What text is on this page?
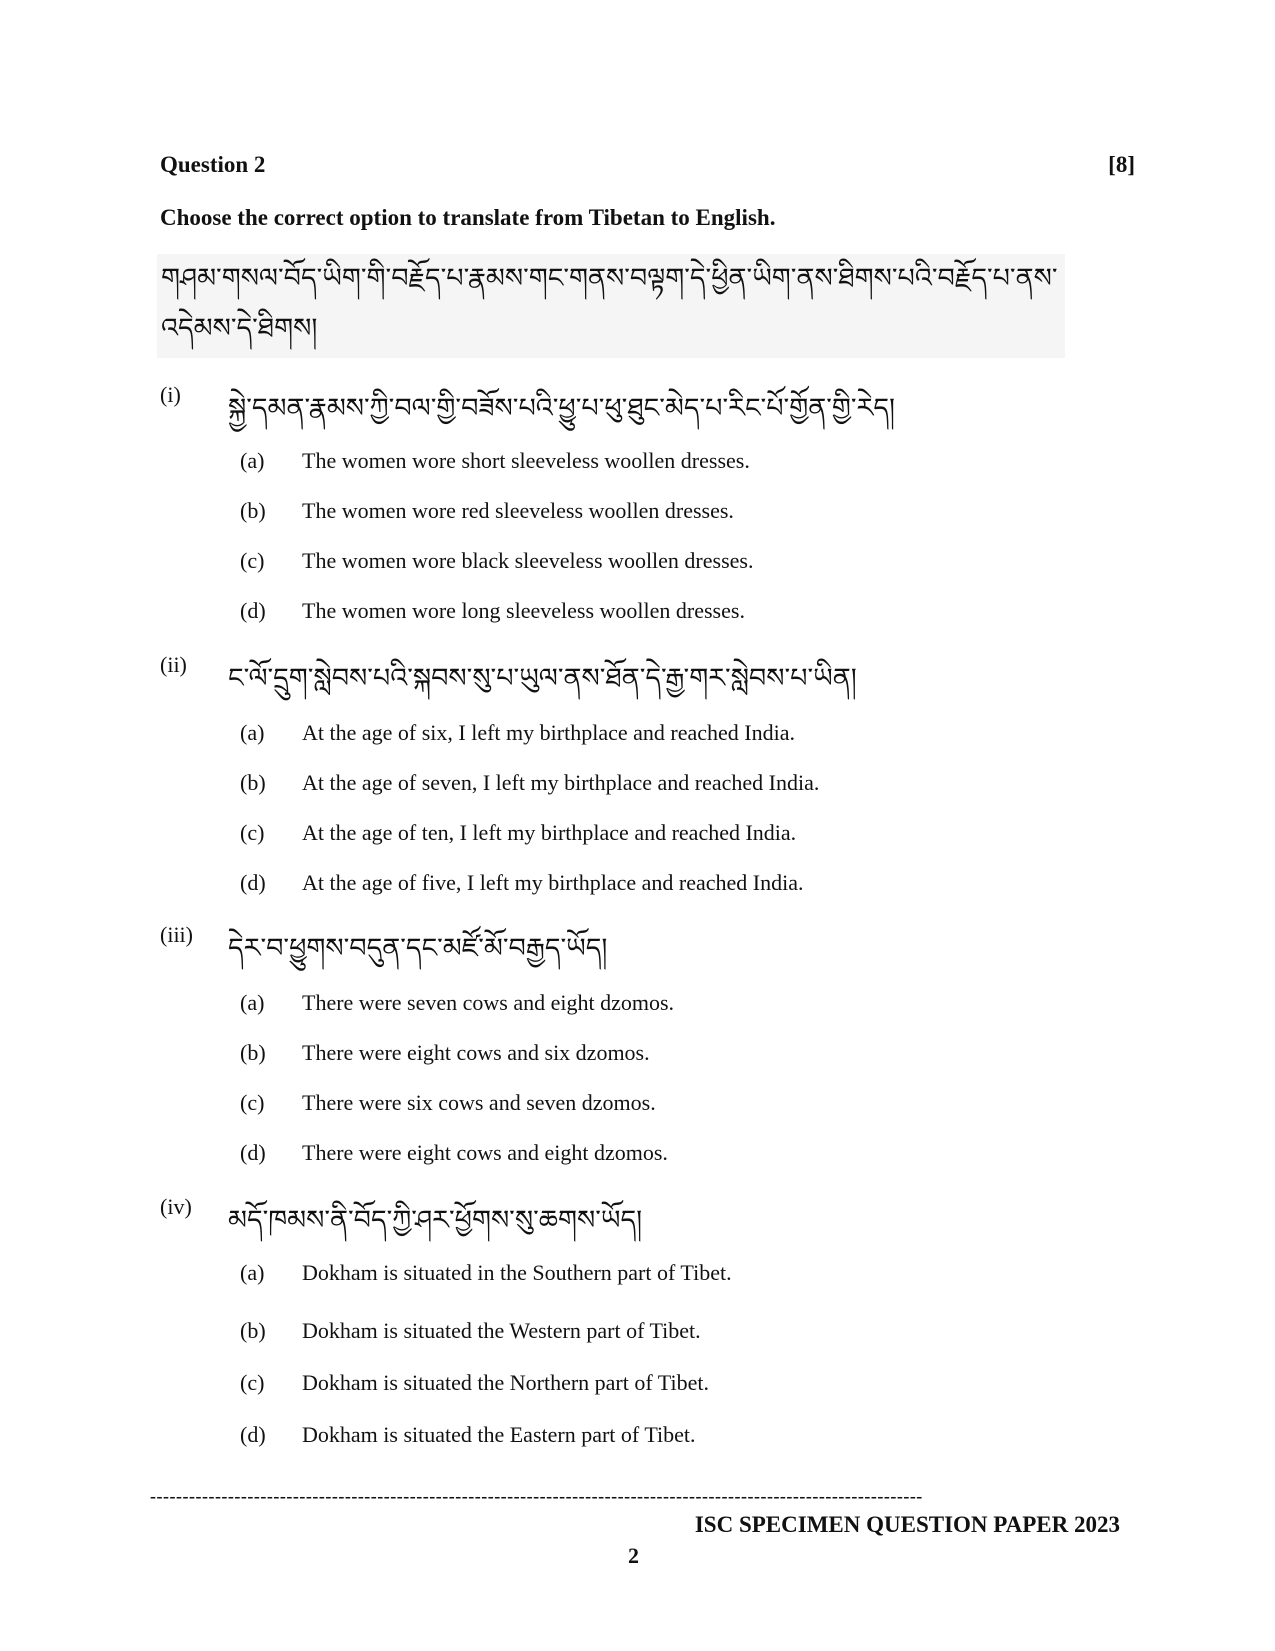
Question 2	[8]
Choose the correct option to translate from Tibetan to English.
གཤམ་གསལ་བོད་ཡིག་གི་བརྗོད་པ་རྣམས་གང་གནས་བལྟག་དེ་ཕྱིན་ཡིག་ནས་ཐིགས་པའི་བརྗོད་པ་ནས་
འདེམས་དེ་ཐིགས།
(i) སྐྱེ་དམན་རྣམས་ཀྱི་བལ་གྱི་བཟོས་པའི་ཕྱུ་པ་ཕུ་ཐུང་མེད་པ་རིང་པོ་གྱོན་གྱི་རེད།
(a) The women wore short sleeveless woollen dresses.
(b) The women wore red sleeveless woollen dresses.
(c) The women wore black sleeveless woollen dresses.
(d) The women wore long sleeveless woollen dresses.
(ii) ང་ལོ་དྲུག་སླེབས་པའི་སྐབས་སུ་པ་ཡུལ་ནས་ཐོན་དེ་རྒྱ་གར་སླེབས་པ་ཡིན།
(a) At the age of six, I left my birthplace and reached India.
(b) At the age of seven, I left my birthplace and reached India.
(c) At the age of ten, I left my birthplace and reached India.
(d) At the age of five, I left my birthplace and reached India.
(iii) དེར་བ་ཕྱུགས་བདུན་དང་མཛོ་མོ་བརྒྱད་ཡོད།
(a) There were seven cows and eight dzomos.
(b) There were eight cows and six dzomos.
(c) There were six cows and seven dzomos.
(d) There were eight cows and eight dzomos.
(iv) མདོ་ཁམས་ནི་བོད་ཀྱི་ཤར་ཕྱོགས་སུ་ཆགས་ཡོད།
(a) Dokham is situated in the Southern part of Tibet.
(b) Dokham is situated the Western part of Tibet.
(c) Dokham is situated the Northern part of Tibet.
(d) Dokham is situated the Eastern part of Tibet.
-----------------------------------------------------------------------------------------------------------------------
ISC SPECIMEN QUESTION PAPER 2023
2
